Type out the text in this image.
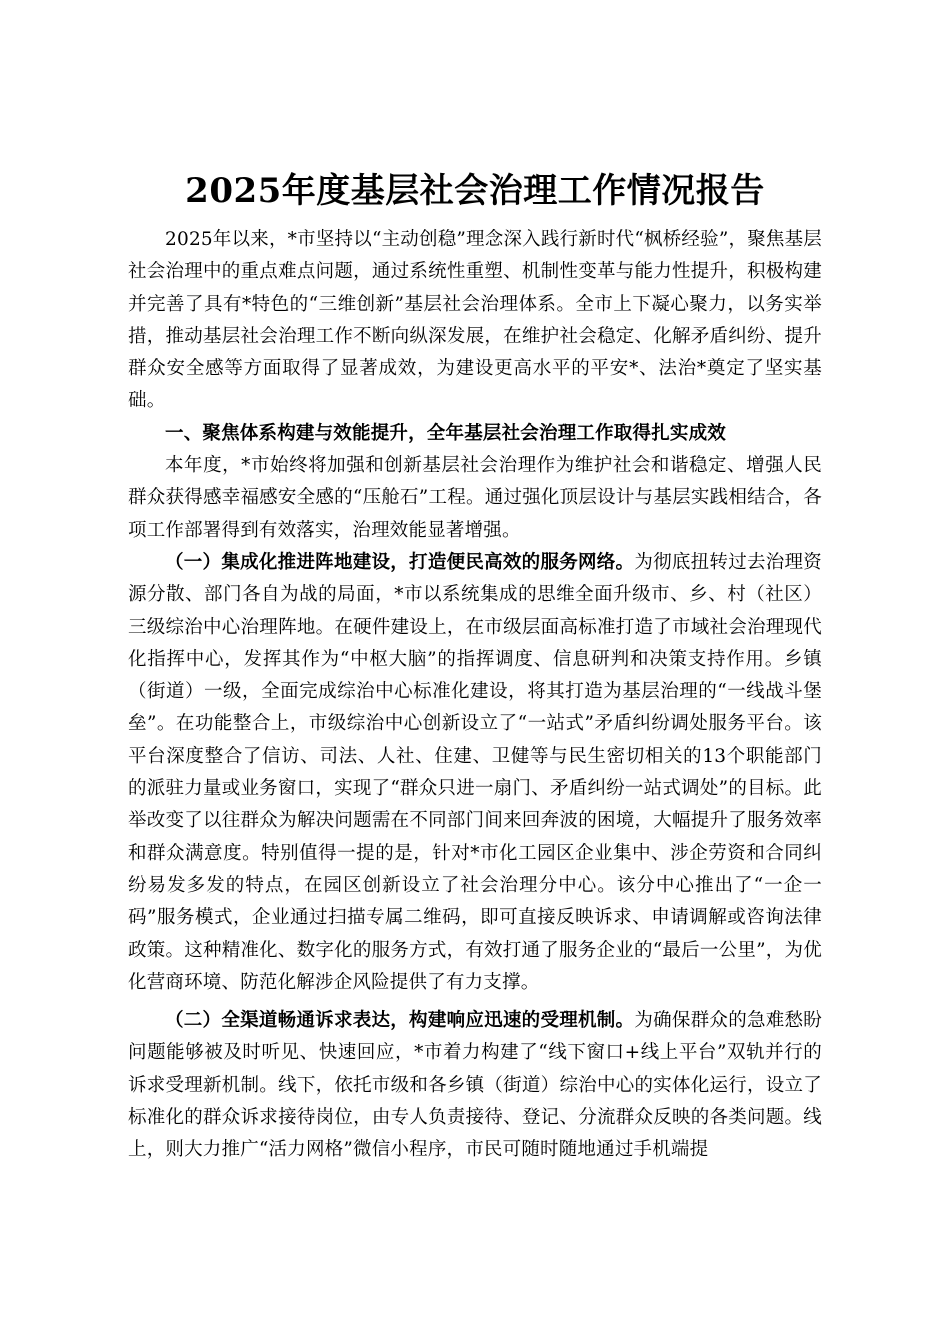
2025年度基层社会治理工作情况报告

2025年以来，*市坚持以“主动创稳”理念深入践行新时代“枫桥经验”，聚焦基层社会治理中的重点难点问题，通过系统性重塑、机制性变革与能力性提升，积极构建并完善了具有*特色的“三维创新”基层社会治理体系。全市上下凝心聚力，以务实举措，推动基层社会治理工作不断向纵深发展，在维护社会稳定、化解矛盾纠纷、提升群众安全感等方面取得了显著成效，为建设更高水平的平安*、法治*奠定了坚实基础。

一、聚焦体系构建与效能提升，全年基层社会治理工作取得扎实成效

本年度，*市始终将加强和创新基层社会治理作为维护社会和谐稳定、增强人民群众获得感幸福感安全感的“压舱石”工程。通过强化顶层设计与基层实践相结合，各项工作部署得到有效落实，治理效能显著增强。

（一）集成化推进阵地建设，打造便民高效的服务网络。为彻底扭转过去治理资源分散、部门各自为战的局面，*市以系统集成的思维全面升级市、乡、村（社区）三级综治中心治理阵地。在硬件建设上，在市级层面高标准打造了市域社会治理现代化指挥中心，发挥其作为“中枢大脑”的指挥调度、信息研判和决策支持作用。乡镇（街道）一级，全面完成综治中心标准化建设，将其打造为基层治理的“一线战斗堡垒”。在功能整合上，市级综治中心创新设立了“一站式”矛盾纠纷调处服务平台。该平台深度整合了信访、司法、人社、住建、卫健等与民生密切相关的13个职能部门的派驻力量或业务窗口，实现了“群众只进一扇门、矛盾纠纷一站式调处”的目标。此举改变了以往群众为解决问题需在不同部门间来回奔波的困境，大幅提升了服务效率和群众满意度。特别值得一提的是，针对*市化工园区企业集中、涉企劳资和合同纠纷易发多发的特点，在园区创新设立了社会治理分中心。该分中心推出了“一企一码”服务模式，企业通过扫描专属二维码，即可直接反映诉求、申请调解或咨询法律政策。这种精准化、数字化的服务方式，有效打通了服务企业的“最后一公里”，为优化营商环境、防范化解涉企风险提供了有力支撑。

（二）全渠道畅通诉求表达，构建响应迅速的受理机制。为确保群众的急难愁盼问题能够被及时听见、快速回应，*市着力构建了“线下窗口+线上平台”双轨并行的诉求受理新机制。线下，依托市级和各乡镇（街道）综治中心的实体化运行，设立了标准化的群众诉求接待岗位，由专人负责接待、登记、分流群众反映的各类问题。线上，则大力推广“活力网格”微信小程序，市民可随时随地通过手机端提
